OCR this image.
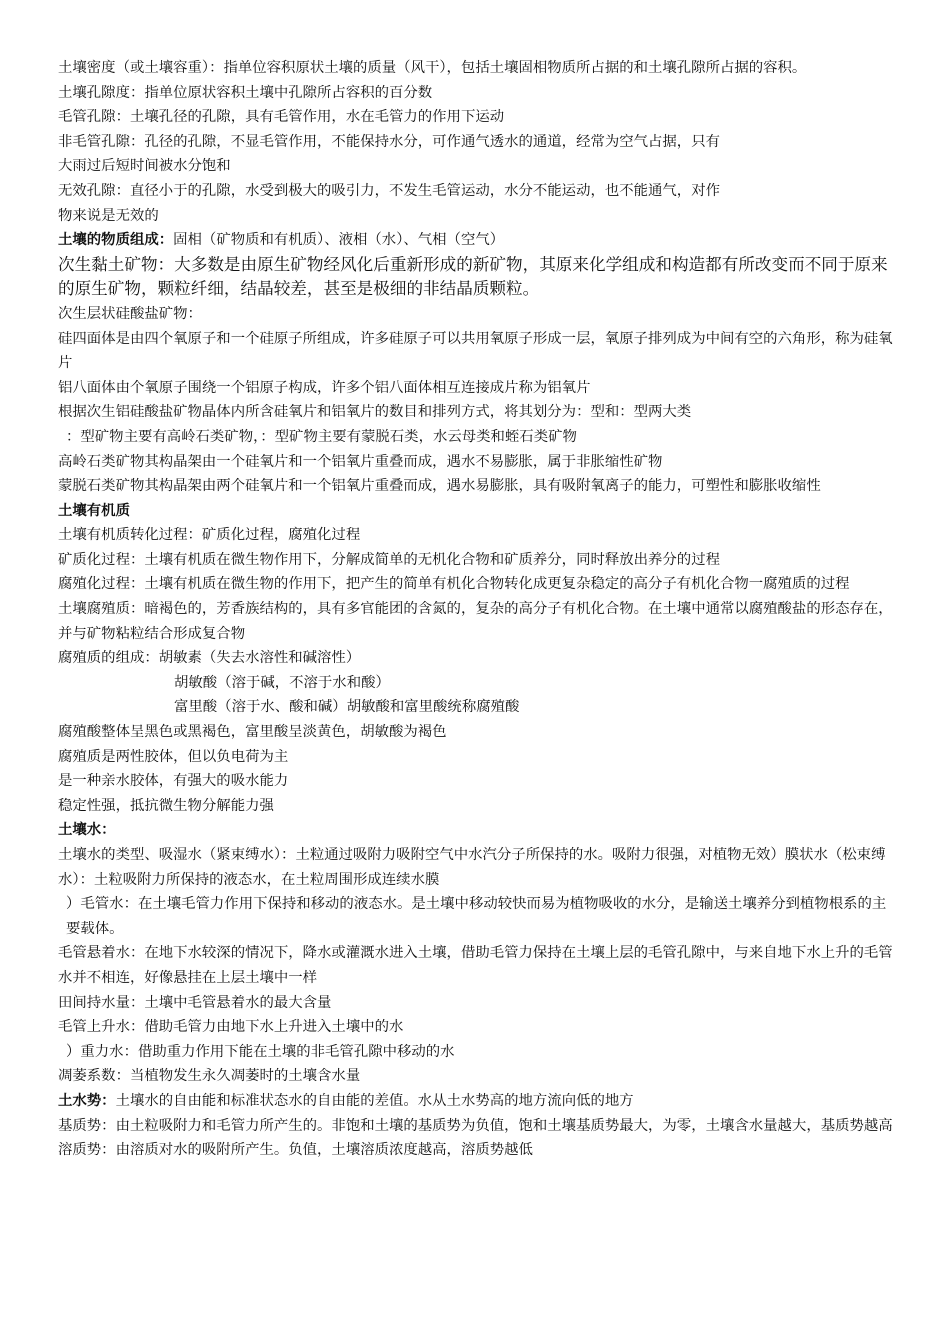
土壤密度（或土壤容重）：指单位容积原状土壤的质量（风干），包括土壤固相物质所占据的和土壤孔隙所占据的容积。

土壤孔隙度：指单位原状容积土壤中孔隙所占容积的百分数

毛管孔隙：土壤孔径的孔隙，具有毛管作用，水在毛管力的作用下运动

非毛管孔隙：孔径的孔隙，不显毛管作用，不能保持水分，可作通气透水的通道，经常为空气占据，只有

大雨过后短时间被水分饱和

无效孔隙：直径小于的孔隙，水受到极大的吸引力，不发生毛管运动，水分不能运动，也不能通气，对作

物来说是无效的

土壤的物质组成：固相（矿物质和有机质）、液相（水）、气相（空气）

次生黏土矿物：大多数是由原生矿物经风化后重新形成的新矿物，其原来化学组成和构造都有所改变而不同于原来的原生矿物，颗粒纤细，结晶较差，甚至是极细的非结晶质颗粒。

次生层状硅酸盐矿物：

硅四面体是由四个氧原子和一个硅原子所组成，许多硅原子可以共用氧原子形成一层，氧原子排列成为中间有空的六角形，称为硅氧片

铝八面体由个氧原子围绕一个铝原子构成，许多个铝八面体相互连接成片称为铝氧片

根据次生铝硅酸盐矿物晶体内所含硅氧片和铝氧片的数目和排列方式，将其划分为：型和：型两大类

：型矿物主要有高岭石类矿物，：型矿物主要有蒙脱石类，水云母类和蛭石类矿物

高岭石类矿物其构晶架由一个硅氧片和一个铝氧片重叠而成，遇水不易膨胀，属于非胀缩性矿物

蒙脱石类矿物其构晶架由两个硅氧片和一个铝氧片重叠而成，遇水易膨胀，具有吸附氧离子的能力，可塑性和膨胀收缩性

土壤有机质

土壤有机质转化过程：矿质化过程，腐殖化过程

矿质化过程：土壤有机质在微生物作用下，分解成简单的无机化合物和矿质养分，同时释放出养分的过程

腐殖化过程：土壤有机质在微生物的作用下，把产生的简单有机化合物转化成更复杂稳定的高分子有机化合物一腐殖质的过程

土壤腐殖质：暗褐色的，芳香族结构的，具有多官能团的含氮的，复杂的高分子有机化合物。在土壤中通常以腐殖酸盐的形态存在，并与矿物粘粒结合形成复合物

腐殖质的组成：胡敏素（失去水溶性和碱溶性）

胡敏酸（溶于碱，不溶于水和酸）

富里酸（溶于水、酸和碱）胡敏酸和富里酸统称腐殖酸

腐殖酸整体呈黑色或黑褐色，富里酸呈淡黄色，胡敏酸为褐色

腐殖质是两性胶体，但以负电荷为主

是一种亲水胶体，有强大的吸水能力

稳定性强，抵抗微生物分解能力强

土壤水：

土壤水的类型、吸湿水（紧束缚水）：土粒通过吸附力吸附空气中水汽分子所保持的水。吸附力很强，对植物无效）膜状水（松束缚水）：土粒吸附力所保持的液态水，在土粒周围形成连续水膜

）毛管水：在土壤毛管力作用下保持和移动的液态水。是土壤中移动较快而易为植物吸收的水分，是输送土壤养分到植物根系的主要载体。

毛管悬着水：在地下水较深的情况下，降水或灌溉水进入土壤，借助毛管力保持在土壤上层的毛管孔隙中，与来自地下水上升的毛管水并不相连，好像悬挂在上层土壤中一样

田间持水量：土壤中毛管悬着水的最大含量

毛管上升水：借助毛管力由地下水上升进入土壤中的水

）重力水：借助重力作用下能在土壤的非毛管孔隙中移动的水

凋萎系数：当植物发生永久凋萎时的土壤含水量

土水势：土壤水的自由能和标准状态水的自由能的差值。水从土水势高的地方流向低的地方

基质势：由土粒吸附力和毛管力所产生的。非饱和土壤的基质势为负值，饱和土壤基质势最大，为零，土壤含水量越大，基质势越高

溶质势：由溶质对水的吸附所产生。负值，土壤溶质浓度越高，溶质势越低
